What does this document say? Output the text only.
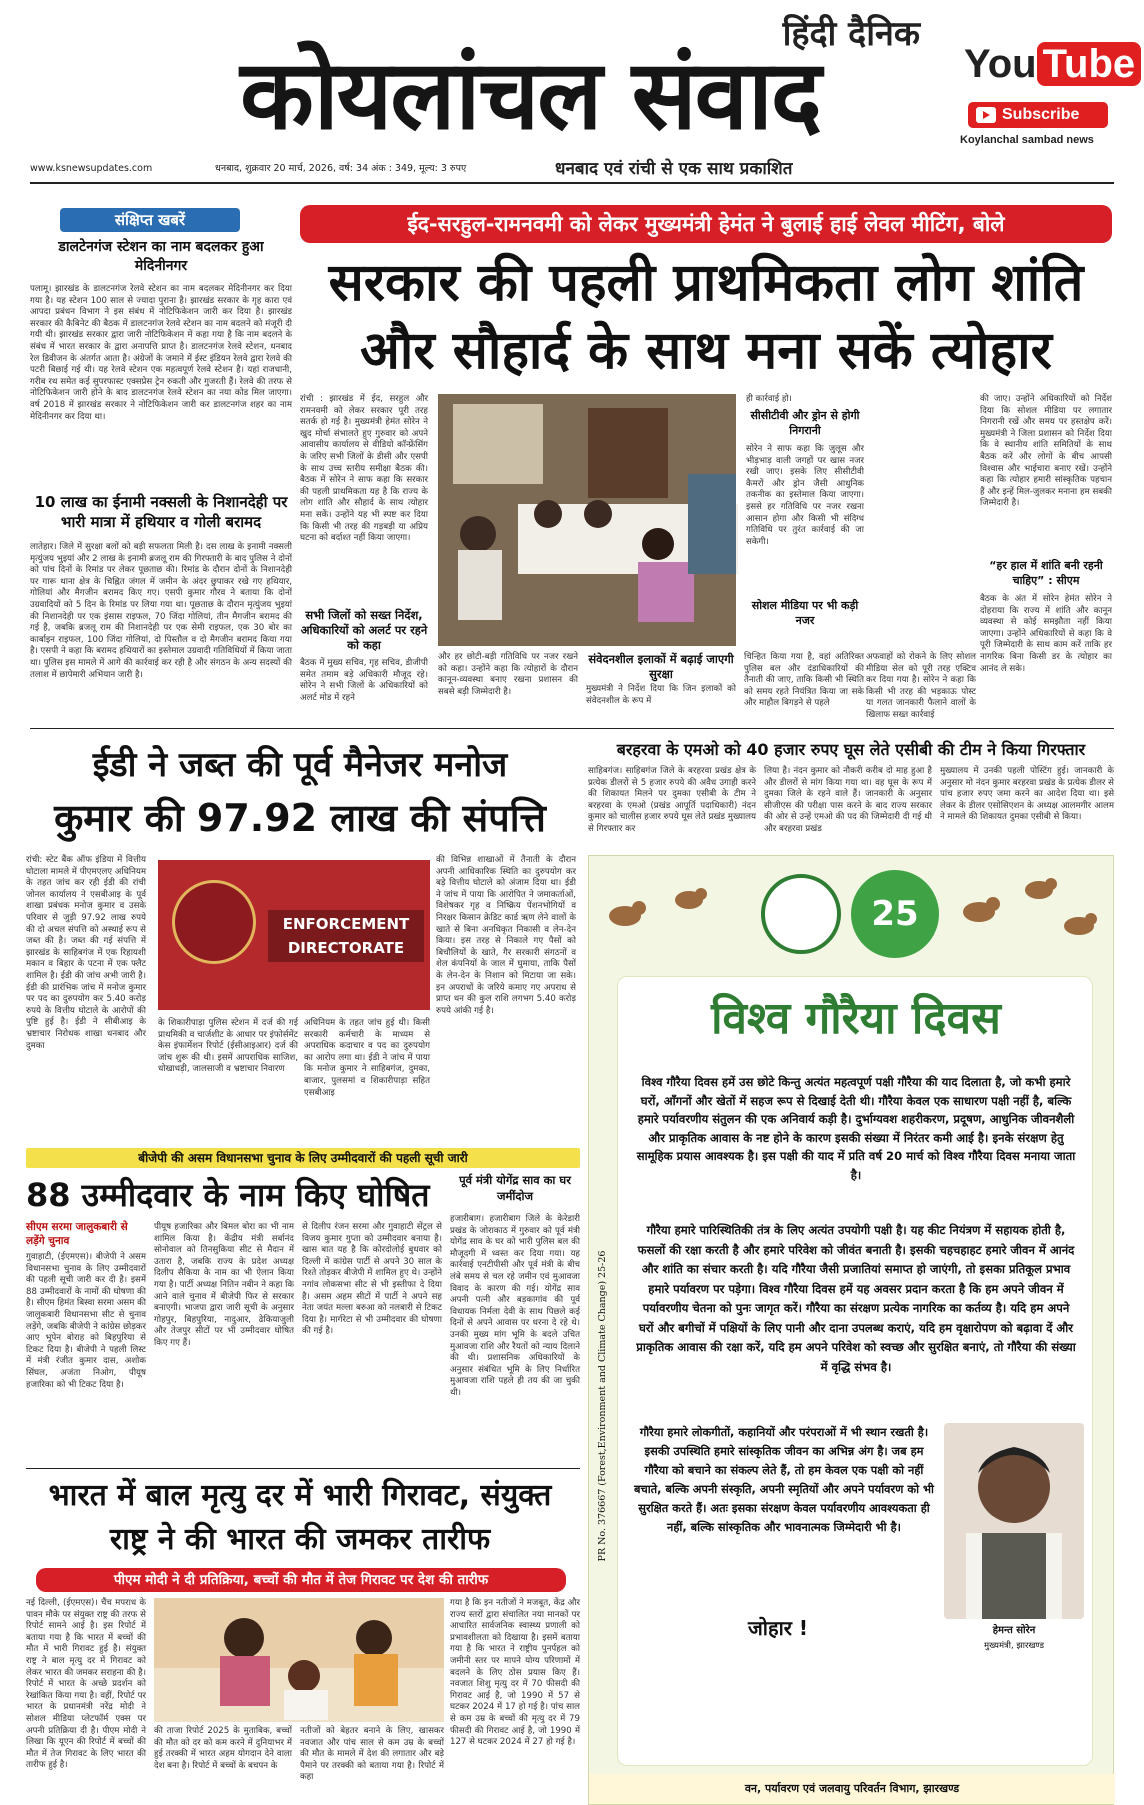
हिंदी दैनिक
कोयलांचल संवाद	You Tube
Subscribe
Koylanchal sambad news
www.ksnewsupdates.com	धनबाद, शुक्रवार 20 मार्च, 2026, वर्ष: 34 अंक : 349, मूल्य: 3 रुपए	धनबाद एवं रांची से एक साथ प्रकाशित
संक्षिप्त खबरें
डालटेनगंज स्टेशन का नाम बदलकर हुआ मेदिनीनगर
पलामू। झारखंड के डालटनगंज रेलवे स्टेशन का नाम बदलकर मेदिनीनगर कर दिया गया है। यह स्टेशन 100 साल से ज्यादा पुराना है। झारखंड सरकार के गृह कारा एवं आपदा प्रबंधन विभाग ने इस संबंध में नोटिफिकेशन जारी कर दिया है। झारखंड सरकार की कैबिनेट की बैठक में डालटनगंज रेलवे स्टेशन का नाम बदलने को मंजूरी दी गयी थी। झारखंड सरकार द्वारा जारी नोटिफिकेशन में कहा गया है कि नाम बदलने के संबंध में भारत सरकार के द्वारा अनापत्ति प्राप्त है। डालटनगंज रेलवे स्टेशन, धनबाद रेल डिवीजन के अंतर्गत आता है। अंग्रेजों के जमाने में ईस्ट इंडियन रेलवे द्वारा रेलवे की पटरी बिछाई गई थी। यह रेलवे स्टेशन एक महत्वपूर्ण रेलवे स्टेशन है। यहां राजधानी, गरीब रथ समेत कई सुपरफास्ट एक्सप्रेस ट्रेन रुकती और गुजरती हैं। रेलवे की तरफ से नोटिफिकेशन जारी होने के बाद डालटनगंज रेलवे स्टेशन का नया कोड मिल जाएगा। वर्ष 2018 में झारखंड सरकार ने नोटिफिकेशन जारी कर डालटनगंज शहर का नाम मेदिनीनगर कर दिया था।
10 लाख का ईनामी नक्सली के निशानदेही पर भारी मात्रा में हथियार व गोली बरामद
लातेहार। जिले में सुरक्षा बलों को बड़ी सफलता मिली है। दस लाख के इनामी नक्सली मृत्युंजय भुइयां और 2 लाख के इनामी ब्रजलू राम की गिरफ्तारी के बाद पुलिस ने दोनों को पांच दिनों के रिमांड पर लेकर पूछताछ की। रिमांड के दौरान दोनों के निशानदेही पर गारू थाना क्षेत्र के चिह्नित जंगल में जमीन के अंदर छुपाकर रखे गए हथियार, गोलियां और मैगजीन बरामद किए गए। एसपी कुमार गौरव ने बताया कि दोनों उग्रवादियों को 5 दिन के रिमांड पर लिया गया था। पूछताछ के दौरान मृत्युंजय भुइयां की निशानदेही पर एक इंसास राइफल, 70 जिंदा गोलियां, तीन मैगजीन बरामद की गई है, जबकि ब्रजलू राम की निशानदेही पर एक सेमी राइफल, एक 30 बोर का कार्बाइन राइफल, 100 जिंदा गोलियां, दो पिस्तौल व दो मैगजीन बरामद किया गया है। एसपी ने कहा कि बरामद हथियारों का इस्तेमाल उग्रवादी गतिविधियों में किया जाता था। पुलिस इस मामले में आगे की कार्रवाई कर रही है और संगठन के अन्य सदस्यों की तलाश में छापेमारी अभियान जारी है।
ईद-सरहुल-रामनवमी को लेकर मुख्यमंत्री हेमंत ने बुलाई हाई लेवल मीटिंग, बोले
सरकार की पहली प्राथमिकता लोग शांति
और सौहार्द के साथ मना सकें त्योहार
रांची : झारखंड में ईद, सरहुल और रामनवमी को लेकर सरकार पूरी तरह सतर्क हो गई है। मुख्यमंत्री हेमंत सोरेन ने खुद मोर्चा संभालते हुए गुरुवार को अपने आवासीय कार्यालय से वीडियो कॉन्फ्रेंसिंग के जरिए सभी जिलों के डीसी और एसपी के साथ उच्च स्तरीय समीक्षा बैठक की। बैठक में सोरेन ने साफ कहा कि सरकार की पहली प्राथमिकता यह है कि राज्य के लोग शांति और सौहार्द के साथ त्योहार मना सकें। उन्होंने यह भी स्पष्ट कर दिया कि किसी भी तरह की गड़बड़ी या अप्रिय घटना को बर्दाश्त नहीं किया जाएगा।
सभी जिलों को सख्त निर्देश, अधिकारियों को अलर्ट पर रहने को कहा
बैठक में मुख्य सचिव, गृह सचिव, डीजीपी समेत तमाम बड़े अधिकारी मौजूद रहे। सोरेन ने सभी जिलों के अधिकारियों को अलर्ट मोड में रहने
और हर छोटी-बड़ी गतिविधि पर नजर रखने को कहा। उन्होंने कहा कि त्योहारों के दौरान कानून-व्यवस्था बनाए रखना प्रशासन की सबसे बड़ी जिम्मेदारी है।
संवेदनशील इलाकों में बढ़ाई जाएगी सुरक्षा
मुख्यमंत्री ने निर्देश दिया कि जिन इलाकों को संवेदनशील के रूप में
चिन्हित किया गया है, वहां अतिरिक्त पुलिस बल और दंडाधिकारियों की तैनाती की जाए, ताकि किसी भी स्थिति को समय रहते नियंत्रित किया जा सके और माहौल बिगड़ने से पहले
ही कार्रवाई हो।
सीसीटीवी और ड्रोन से होगी निगरानी
सोरेन ने साफ कहा कि जुलूस और भीड़भाड़ वाली जगहों पर खास नजर रखी जाए। इसके लिए सीसीटीवी कैमरों और ड्रोन जैसी आधुनिक तकनीक का इस्तेमाल किया जाएगा। इससे हर गतिविधि पर नजर रखना आसान होगा और किसी भी संदिग्ध गतिविधि पर तुरंत कार्रवाई की जा सकेगी।
सोशल मीडिया पर भी कड़ी नजर
अफवाहों को रोकने के लिए सोशल मीडिया सेल को पूरी तरह एक्टिव कर दिया गया है। सोरेन ने कहा कि किसी भी तरह की भड़काऊ पोस्ट या गलत जानकारी फैलाने वालों के खिलाफ सख्त कार्रवाई
की जाए। उन्होंने अधिकारियों को निर्देश दिया कि सोशल मीडिया पर लगातार निगरानी रखें और समय पर हस्तक्षेप करें। मुख्यमंत्री ने जिला प्रशासन को निर्देश दिया कि वे स्थानीय शांति समितियों के साथ बैठक करें और लोगों के बीच आपसी विश्वास और भाईचारा बनाए रखें। उन्होंने कहा कि त्योहार हमारी सांस्कृतिक पहचान हैं और इन्हें मिल-जुलकर मनाना हम सबकी जिम्मेदारी है।
“हर हाल में शांति बनी रहनी चाहिए” : सीएम
बैठक के अंत में सोरेन हेमंत सोरेन ने दोहराया कि राज्य में शांति और कानून व्यवस्था से कोई समझौता नहीं किया जाएगा। उन्होंने अधिकारियों से कहा कि वे पूरी जिम्मेदारी के साथ काम करें ताकि हर नागरिक बिना किसी डर के त्योहार का आनंद ले सके।
ईडी ने जब्त की पूर्व मैनेजर मनोज
कुमार की 97.92 लाख की संपत्ति
रांची: स्टेट बैंक ऑफ इंडिया में वित्तीय घोटाला मामले में पीएमएलए अधिनियम के तहत जांच कर रही ईडी की रांची जोनल कार्यालय ने एसबीआइ के पूर्व शाखा प्रबंधक मनोज कुमार व उसके परिवार से जुड़ी 97.92 लाख रुपये की दो अचल संपत्ति को अस्थाई रूप से जब्त की है। जब्त की गई संपत्ति में झारखंड के साहिबगंज में एक रिहायशी मकान व बिहार के पटना में एक फ्लैट शामिल है। ईडी की जांच अभी जारी है। ईडी की प्रारंभिक जांच में मनोज कुमार पर पद का दुरुपयोग कर 5.40 करोड़ रुपये के वित्तीय घोटाले के आरोपों की पुष्टि हुई है। ईडी ने सीबीआइ के भ्रष्टाचार निरोधक शाखा धनबाद और दुमका
ENFORCEMENT
DIRECTORATE
के शिकारीपाड़ा पुलिस स्टेशन में दर्ज की गई प्राथमिकी व चार्जशीट के आधार पर इंफोर्समेंट केस इंफार्मेशन रिपोर्ट (ईसीआइआर) दर्ज की जांच शुरू की थी। इसमें आपराधिक साजिश, धोखाधड़ी, जालसाजी व भ्रष्टाचार निवारण
अधिनियम के तहत जांच हुई थी। किसी सरकारी कर्मचारी के माध्यम से अपराधिक कदाचार व पद का दुरुपयोग का आरोप लगा था। ईडी ने जांच में पाया कि मनोज कुमार ने साहिबगंज, दुमका, बाजार, पुलसमां व शिकारीपाड़ा सहित एसबीआइ
की विभिन्न शाखाओं में तैनाती के दौरान अपनी आधिकारिक स्थिति का दुरुपयोग कर बड़े वित्तीय घोटाले को अंजाम दिया था। ईडी ने जांच में पाया कि आरोपित ने जमाकर्ताओं, विशेषकर गृह व निष्क्रिय पेंशनभोगियों व निरक्षर किसान क्रेडिट कार्ड ऋण लेने वालों के खाते से बिना अनधिकृत निकासी व लेन-देन किया। इस तरह से निकाले गए पैसों को बिचौलियों के खाते, गैर सरकारी संगठनों व शेल कंपनियों के जाल में घुमाया, ताकि पैसों के लेन-देन के निशान को मिटाया जा सके। इन अपराधों के जरिये कमाए गए अपराध से प्राप्त धन की कुल राशि लगभग 5.40 करोड़ रुपये आंकी गई है।
बरहरवा के एमओ को 40 हजार रुपए घूस लेते एसीबी की टीम ने किया गिरफ्तार
साहिबगंज। साहिबगंज जिले के बरहरवा प्रखंड क्षेत्र के प्रत्येक डीलरों से 5 हजार रुपये की अवैध उगाही करने की शिकायत मिलने पर दुमका एसीबी के टीम ने बरहरवा के एमओ (प्रखंड आपूर्ति पदाधिकारी) नंदन कुमार को चालीस हजार रुपये घूस लेते प्रखंड मुख्यालय से गिरफ्तार कर
लिया है। नंदन कुमार को नौकरी करीब दो माह हुआ है और डीलरों से मांग किया गया था। वह घूस के रूप में दुमका जिले के रहने वाले हैं। जानकारी के अनुसार सीजीएस की परीक्षा पास करने के बाद राज्य सरकार की ओर से उन्हें एमओ की पद की जिम्मेदारी दी गई थी और बरहरवा प्रखंड
मुख्यालय में उनकी पहली पोस्टिंग हुई। जानकारी के अनुसार मो नंदन कुमार बरहरवा प्रखंड के प्रत्येक डीलर से पांच हजार रुपए जमा करने का आदेश दिया था। इसे लेकर के डीलर एसोसिएशन के अध्यक्ष आलमगीर आलम ने मामले की शिकायत दुमका एसीबी से किया।
बीजेपी की असम विधानसभा चुनाव के लिए उम्मीदवारों की पहली सूची जारी
88 उम्मीदवार के नाम किए घोषित
सीएम सरमा जालुकबारी से लड़ेंगे चुनाव
गुवाहाटी, (ईएमएस)। बीजेपी ने असम विधानसभा चुनाव के लिए उम्मीदवारों की पहली सूची जारी कर दी है। इसमें 88 उम्मीदवारों के नामों की घोषणा की है। सीएम हिमंत बिस्वा सरमा असम की जालुकबारी विधानसभा सीट से चुनाव लड़ेंगे, जबकि बीजेपी ने कांग्रेस छोड़कर आए भूपेन बोराह को बिहपुरिया से टिकट दिया है। बीजेपी ने पहली लिस्ट में मंत्री रंजीत कुमार दास, अशोक सिंघल, अजंता निओग, पीयूष हजारिका को भी टिकट दिया है।
पीयूष हजारिका और बिमल बोरा का भी नाम शामिल किया है। केंद्रीय मंत्री सर्बानंद सोनोवाल को तिनसुकिया सीट से मैदान में उतारा है, जबकि राज्य के प्रदेश अध्यक्ष दिलीप सैकिया के नाम का भी ऐलान किया गया है। पार्टी अध्यक्ष नितिन नबीन ने कहा कि आने वाले चुनाव में बीजेपी फिर से सरकार बनाएगी। भाजपा द्वारा जारी सूची के अनुसार गोहपुर, बिहपुरिया, नादुआर, ढेकियाजुली और तेजपुर सीटों पर भी उम्मीदवार घोषित किए गए हैं।
से दिलीप रंजन सरमा और गुवाहाटी सेंट्रल से विजय कुमार गुप्ता को उम्मीदवार बनाया है। खास बात यह है कि कोरदोलोई बुधवार को दिल्ली में कांग्रेस पार्टी से अपने 30 साल के रिश्ते तोड़कर बीजेपी में शामिल हुए थे। उन्होंने नगांव लोकसभा सीट से भी इस्तीफा दे दिया है। असम अहम सीटों में पार्टी ने अपने सह नेता जयंत मल्ला बरुआ को नलबारी से टिकट दिया है। मार्गरेटा से भी उम्मीदवार की घोषणा की गई है।
पूर्व मंत्री योगेंद्र साव का घर जमींदोज
हजारीबाग। हजारीबाग जिले के केरेडारी प्रखंड के जोराकाठ में गुरुवार को पूर्व मंत्री योगेंद्र साव के घर को भारी पुलिस बल की मौजूदगी में ध्वस्त कर दिया गया। यह कार्रवाई एनटीपीसी और पूर्व मंत्री के बीच लंबे समय से चल रहे जमीन एवं मुआवजा विवाद के कारण की गई। योगेंद्र साव अपनी पत्नी और बड़कागांव की पूर्व विधायक निर्मला देवी के साथ पिछले कई दिनों से अपने आवास पर धरना दे रहे थे। उनकी मुख्य मांग भूमि के बदले उचित मुआवजा राशि और रैयतों को न्याय दिलाने की थी। प्रशासनिक अधिकारियों के अनुसार संबंधित भूमि के लिए निर्धारित मुआवजा राशि पहले ही तय की जा चुकी थी।
भारत में बाल मृत्यु दर में भारी गिरावट, संयुक्त
राष्ट्र ने की भारत की जमकर तारीफ
पीएम मोदी ने दी प्रतिक्रिया, बच्चों की मौत में तेज गिरावट पर देश की तारीफ
नई दिल्ली, (ईएमएस)। चैंच मपराध के पावन मौके पर संयुक्त राष्ट्र की तरफ से रिपोर्ट सामने आई है। इस रिपोर्ट में बताया गया है कि भारत में बच्चों की मौत में भारी गिरावट हुई है। संयुक्त राष्ट्र ने बाल मृत्यु दर में गिरावट को लेकर भारत की जमकर सराहना की है। रिपोर्ट में भारत के अच्छे प्रदर्शन को रेखांकित किया गया है। वहीं, रिपोर्ट पर भारत के प्रधानमंत्री नरेंद्र मोदी ने सोशल मीडिया प्लेटफॉर्म एक्स पर अपनी प्रतिक्रिया दी है। पीएम मोदी ने लिखा कि यूएन की रिपोर्ट में बच्चों की मौत में तेज गिरावट के लिए भारत की तारीफ हुई है।
की ताजा रिपोर्ट 2025 के मुताबिक, बच्चों की मौत को दर को कम करने में दुनियाभर में हुई तरक्की में भारत अहम योगदान देने वाला देश बना है। रिपोर्ट में बच्चों के बचपन के
नतीजों को बेहतर बनाने के लिए, खासकर नवजात और पांच साल से कम उम्र के बच्चों की मौत के मामले में देश की लगातार और बड़े पैमाने पर तरक्की को बताया गया है। रिपोर्ट में कहा
गया है कि इन नतीजों ने मजबूत, केंद्र और राज्य स्तरों द्वारा संचालित नया मानकों पर आधारित सार्वजनिक स्वास्थ्य प्रणाली को प्रभावशीलता को दिखाया है। इसमें बताया गया है कि भारत ने राष्ट्रीय पुनर्पहल को जमीनी स्तर पर मापने योग्य परिणामों में बदलने के लिए ठोस प्रयास किए हैं। नवजात शिशु मृत्यु दर में 70 फीसदी की गिरावट आई है, जो 1990 में 57 से घटकर 2024 में 17 हो गई है। पांच साल से कम उम्र के बच्चों की मृत्यु दर में 79 फीसदी की गिरावट आई है, जो 1990 में 127 से घटकर 2024 में 27 हो गई है।
25
विश्व गौरैया दिवस
विश्व गौरैया दिवस हमें उस छोटे किन्तु अत्यंत महत्वपूर्ण पक्षी गौरैया की याद दिलाता है, जो कभी हमारे घरों, आँगनों और खेतों में सहज रूप से दिखाई देती थी। गौरैया केवल एक साधारण पक्षी नहीं है, बल्कि हमारे पर्यावरणीय संतुलन की एक अनिवार्य कड़ी है। दुर्भाग्यवश शहरीकरण, प्रदूषण, आधुनिक जीवनशैली और प्राकृतिक आवास के नष्ट होने के कारण इसकी संख्या में निरंतर कमी आई है। इनके संरक्षण हेतु सामूहिक प्रयास आवश्यक है। इस पक्षी की याद में प्रति वर्ष 20 मार्च को विश्व गौरैया दिवस मनाया जाता है।
गौरैया हमारे पारिस्थितिकी तंत्र के लिए अत्यंत उपयोगी पक्षी है। यह कीट नियंत्रण में सहायक होती है, फसलों की रक्षा करती है और हमारे परिवेश को जीवंत बनाती है। इसकी चहचहाहट हमारे जीवन में आनंद और शांति का संचार करती है। यदि गौरैया जैसी प्रजातियां समाप्त हो जाएंगी, तो इसका प्रतिकूल प्रभाव हमारे पर्यावरण पर पड़ेगा। विश्व गौरैया दिवस हमें यह अवसर प्रदान करता है कि हम अपने जीवन में पर्यावरणीय चेतना को पुनः जागृत करें। गौरैया का संरक्षण प्रत्येक नागरिक का कर्तव्य है। यदि हम अपने घरों और बगीचों में पक्षियों के लिए पानी और दाना उपलब्ध कराएं, यदि हम वृक्षारोपण को बढ़ावा दें और प्राकृतिक आवास की रक्षा करें, यदि हम अपने परिवेश को स्वच्छ और सुरक्षित बनाएं, तो गौरैया की संख्या में वृद्धि संभव है।
गौरैया हमारे लोकगीतों, कहानियों और परंपराओं में भी स्थान रखती है। इसकी उपस्थिति हमारे सांस्कृतिक जीवन का अभिन्न अंग है। जब हम गौरैया को बचाने का संकल्प लेते हैं, तो हम केवल एक पक्षी को नहीं बचाते, बल्कि अपनी संस्कृति, अपनी स्मृतियों और अपने पर्यावरण को भी सुरक्षित करते हैं। अतः इसका संरक्षण केवल पर्यावरणीय आवश्यकता ही नहीं, बल्कि सांस्कृतिक और भावनात्मक जिम्मेदारी भी है।
जोहार !	हेमन्त सोरेन
मुख्यमंत्री, झारखण्ड
PR No. 376667 (Forest,Environment and Climate Change) 25-26
वन, पर्यावरण एवं जलवायु परिवर्तन विभाग, झारखण्ड
